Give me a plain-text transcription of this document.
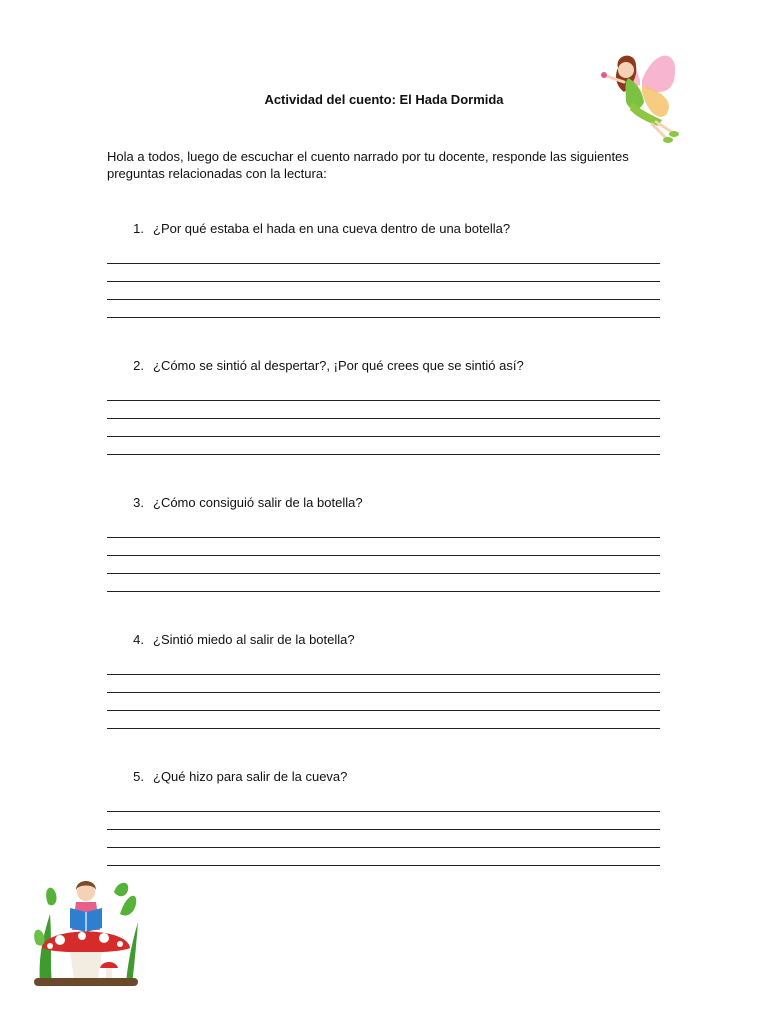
Actividad del cuento: El Hada Dormida
Hola a todos, luego de escuchar el cuento narrado por tu docente, responde las siguientes preguntas relacionadas con la lectura:
1. ¿Por qué estaba el hada en una cueva dentro de una botella?
2. ¿Cómo se sintió al despertar?, ¡Por qué crees que se sintió así?
3. ¿Cómo consiguió salir de la botella?
4. ¿Sintió miedo al salir de la botella?
5. ¿Qué hizo para salir de la cueva?
